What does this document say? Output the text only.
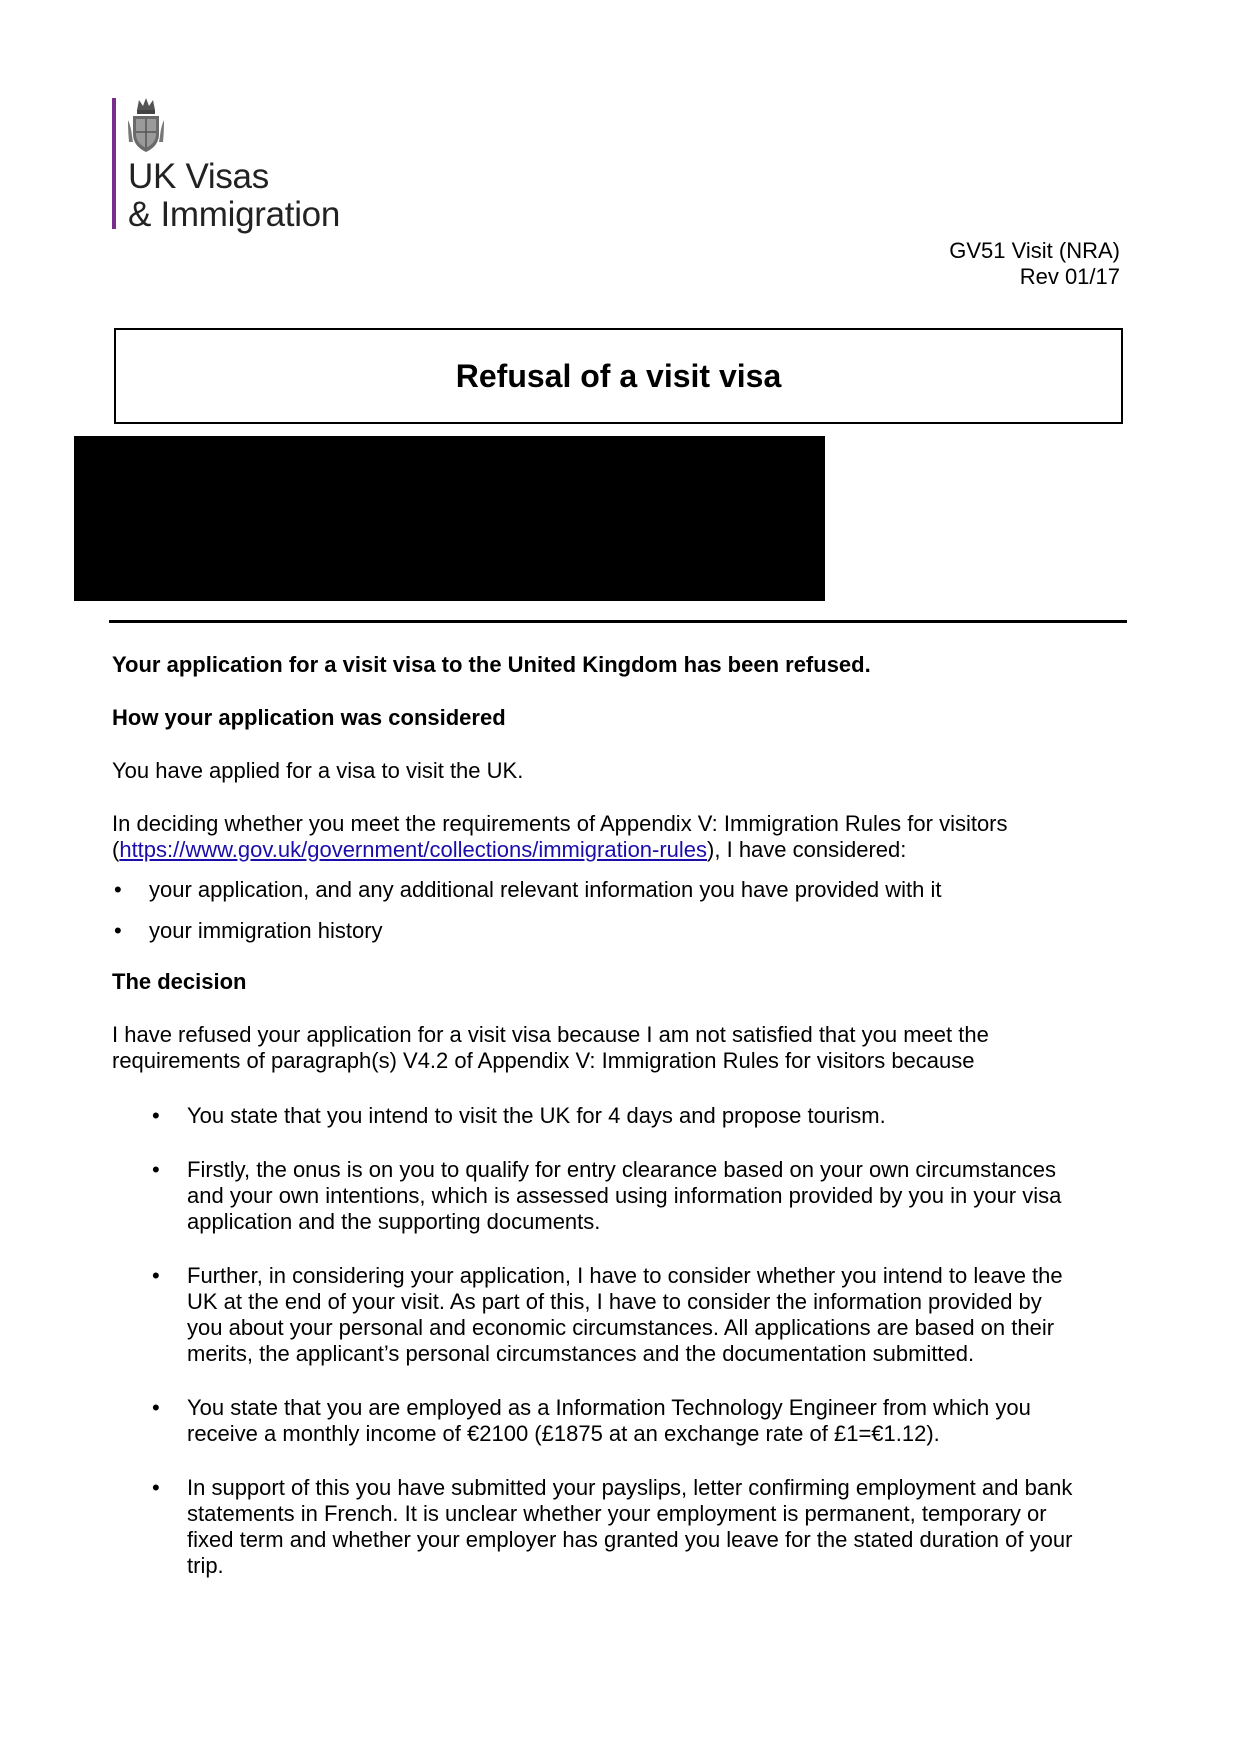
UK Visas
& Immigration
GV51 Visit (NRA)
Rev 01/17
Refusal of a visit visa

Your application for a visit visa to the United Kingdom has been refused.

How your application was considered

You have applied for a visa to visit the UK.

In deciding whether you meet the requirements of Appendix V: Immigration Rules for visitors

(https://www.gov.uk/government/collections/immigration-rules), I have considered:

• your application, and any additional relevant information you have provided with it

• your immigration history

The decision

I have refused your application for a visit visa because I am not satisfied that you meet the

requirements of paragraph(s) V4.2 of Appendix V: Immigration Rules for visitors because

• You state that you intend to visit the UK for 4 days and propose tourism.

• Firstly, the onus is on you to qualify for entry clearance based on your own circumstances

and your own intentions, which is assessed using information provided by you in your visa

application and the supporting documents.

• Further, in considering your application, I have to consider whether you intend to leave the

UK at the end of your visit. As part of this, I have to consider the information provided by

you about your personal and economic circumstances. All applications are based on their

merits, the applicant’s personal circumstances and the documentation submitted.

• You state that you are employed as a Information Technology Engineer from which you

receive a monthly income of €2100 (£1875 at an exchange rate of £1=€1.12).

• In support of this you have submitted your payslips, letter confirming employment and bank

statements in French. It is unclear whether your employment is permanent, temporary or

fixed term and whether your employer has granted you leave for the stated duration of your

trip.
